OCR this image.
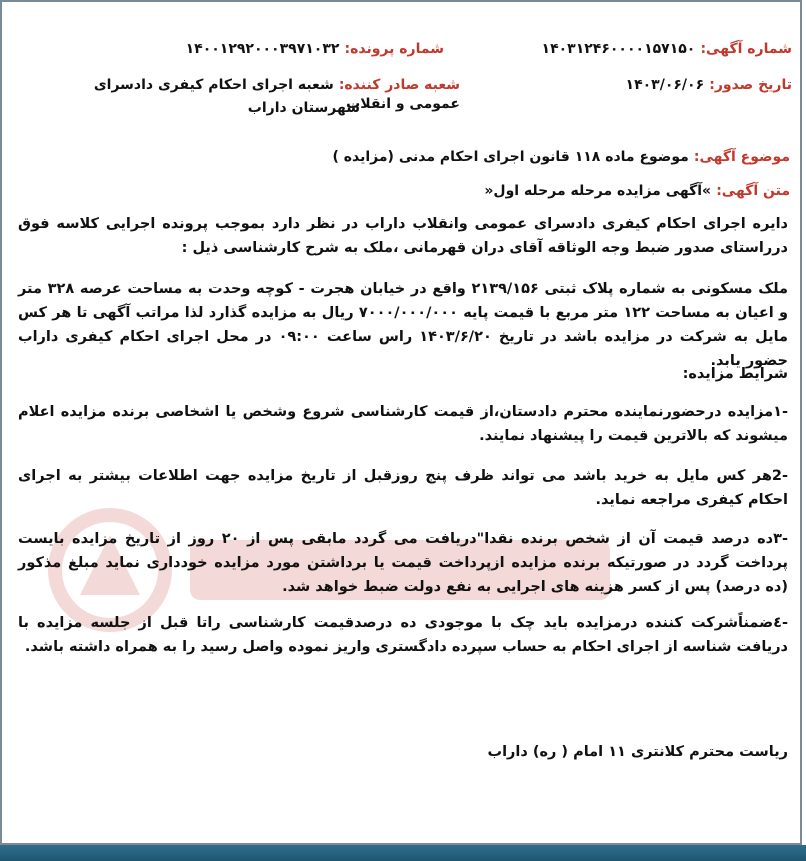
شماره آگهی: ۱۴۰۳۱۲۴۶۰۰۰۰۱۵۷۱۵۰
شماره پرونده: ۱۴۰۰۱۲۹۲۰۰۰۳۹۷۱۰۳۲
تاریخ صدور: ۱۴۰۳/۰۶/۰۶
شعبه صادر کننده: شعبه اجرای احکام کیفری دادسرای عمومی و انقلاب
شهرستان داراب
موضوع آگهی: موضوع ماده ۱۱۸ قانون اجرای احکام مدنی (مزایده )
متن آگهی: »آگهی مزایده مرحله مرحله اول«
دایره اجرای احکام کیفری دادسرای عمومی وانقلاب داراب در نظر دارد بموجب پرونده اجرایی کلاسه فوق درراستای صدور ضبط وجه الوثاقه آقای دران قهرمانی ،ملک به شرح کارشناسی ذیل :
ملک مسکونی به شماره پلاک ثبتی ۲۱۳۹/۱۵۶ واقع در خیابان هجرت - کوچه وحدت به مساحت عرصه ۳۲۸ متر و اعیان به مساحت ۱۲۲ متر مربع با قیمت پایه ۷۰۰۰/۰۰۰/۰۰۰ ریال به مزایده گذارد لذا مراتب آگهی تا هر کس مایل به شرکت در مزایده باشد در تاریخ ۱۴۰۳/۶/۲۰ راس ساعت ۰۹:۰۰ در محل اجرای احکام کیفری داراب حضور یابد.
شرایط مزایده:
-۱مزایده درحضورنماینده محترم دادستان،از قیمت کارشناسی شروع وشخص یا اشخاصی برنده مزایده اعلام میشوند که بالاترین قیمت را پیشنهاد نمایند.
-2هر کس مایل به خرید باشد می تواند ظرف پنج روزقبل از تاریخ مزایده جهت اطلاعات بیشتر به اجرای احکام کیفری مراجعه نماید.
-۳ده درصد قیمت آن از شخص برنده نقدا"دریافت می گردد مابقی پس از ۲۰ روز از تاریخ مزایده بایست پرداخت گردد در صورتیکه برنده مزایده ازپرداخت قیمت یا برداشتن مورد مزایده خودداری نماید مبلغ مذکور (ده درصد) پس از کسر هزینه های اجرایی به نفع دولت ضبط خواهد شد.
-٤ضمناًشرکت کننده درمزایده باید چک با موجودی ده درصدقیمت کارشناسی راتا قبل از جلسه مزایده با دریافت شناسه از اجرای احکام به حساب سپرده دادگستری واریز نموده واصل رسید را به همراه داشته باشد.
ریاست محترم کلانتری ۱۱ امام ( ره) داراب
